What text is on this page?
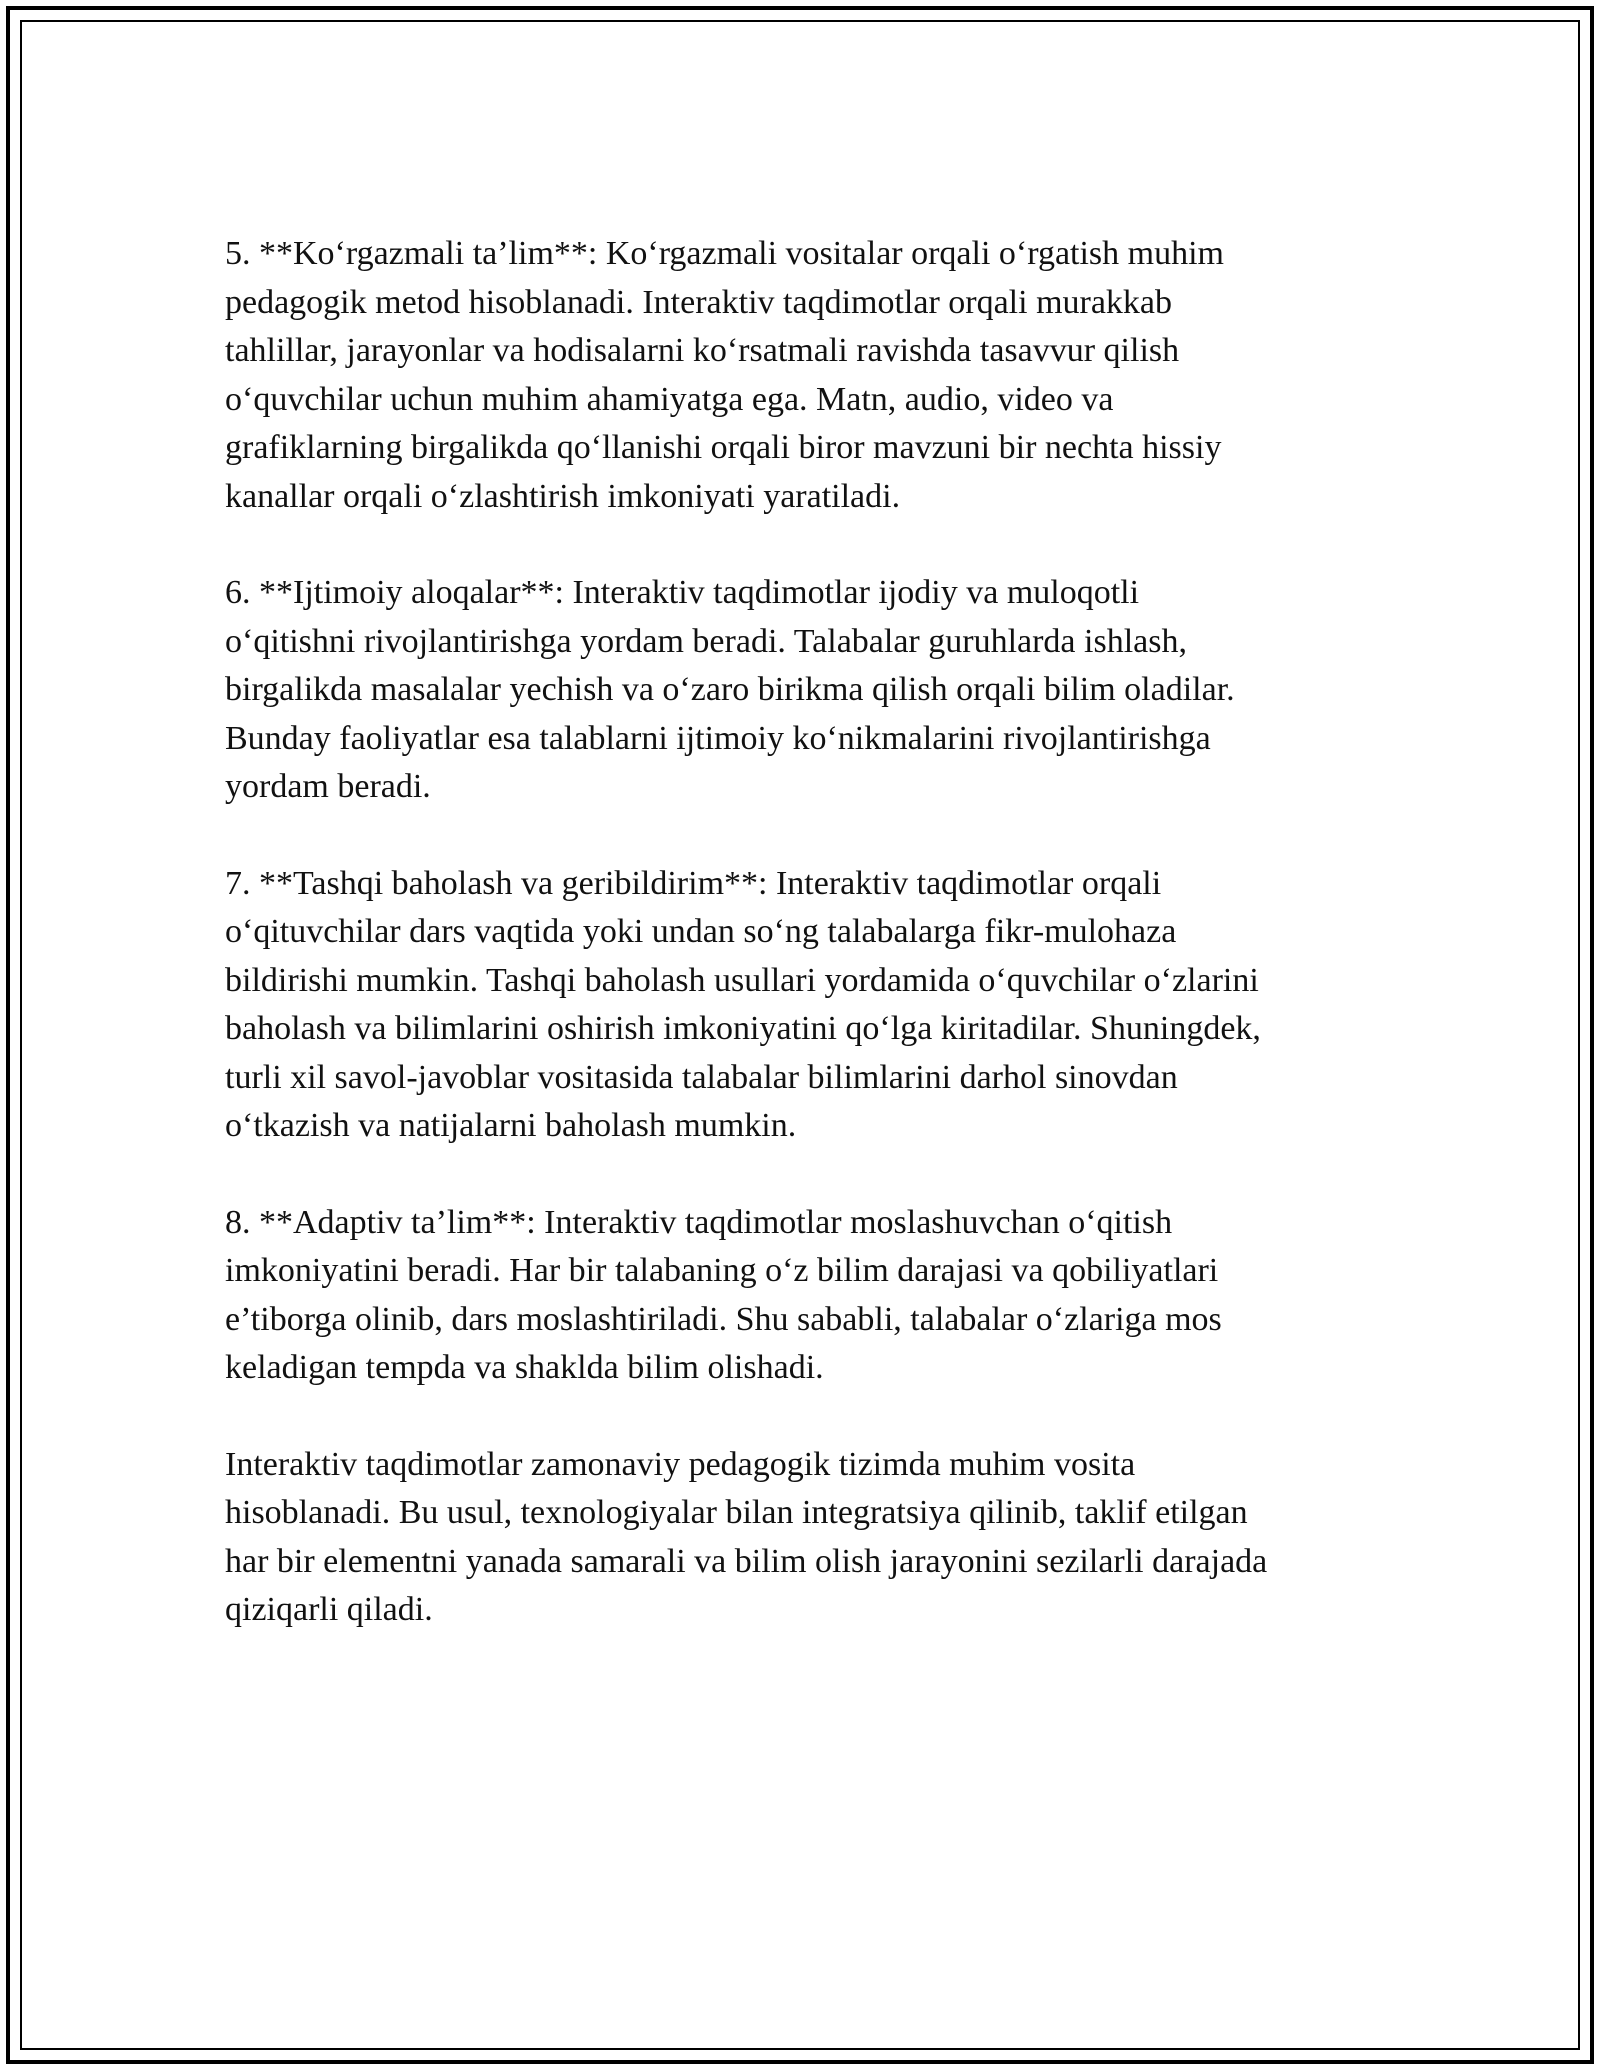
5. **Ko‘rgazmali ta’lim**: Ko‘rgazmali vositalar orqali o‘rgatish muhim
pedagogik metod hisoblanadi. Interaktiv taqdimotlar orqali murakkab
tahlillar, jarayonlar va hodisalarni ko‘rsatmali ravishda tasavvur qilish
o‘quvchilar uchun muhim ahamiyatga ega. Matn, audio, video va
grafiklarning birgalikda qo‘llanishi orqali biror mavzuni bir nechta hissiy
kanallar orqali o‘zlashtirish imkoniyati yaratiladi.

6. **Ijtimoiy aloqalar**: Interaktiv taqdimotlar ijodiy va muloqotli
o‘qitishni rivojlantirishga yordam beradi. Talabalar guruhlarda ishlash,
birgalikda masalalar yechish va o‘zaro birikma qilish orqali bilim oladilar.
Bunday faoliyatlar esa talablarni ijtimoiy ko‘nikmalarini rivojlantirishga
yordam beradi.

7. **Tashqi baholash va geribildirim**: Interaktiv taqdimotlar orqali
o‘qituvchilar dars vaqtida yoki undan so‘ng talabalarga fikr-mulohaza
bildirishi mumkin. Tashqi baholash usullari yordamida o‘quvchilar o‘zlarini
baholash va bilimlarini oshirish imkoniyatini qo‘lga kiritadilar. Shuningdek,
turli xil savol-javoblar vositasida talabalar bilimlarini darhol sinovdan
o‘tkazish va natijalarni baholash mumkin.

8. **Adaptiv ta’lim**: Interaktiv taqdimotlar moslashuvchan o‘qitish
imkoniyatini beradi. Har bir talabaning o‘z bilim darajasi va qobiliyatlari
e’tiborga olinib, dars moslashtiriladi. Shu sababli, talabalar o‘zlariga mos
keladigan tempda va shaklda bilim olishadi.

Interaktiv taqdimotlar zamonaviy pedagogik tizimda muhim vosita
hisoblanadi. Bu usul, texnologiyalar bilan integratsiya qilinib, taklif etilgan
har bir elementni yanada samarali va bilim olish jarayonini sezilarli darajada
qiziqarli qiladi.
